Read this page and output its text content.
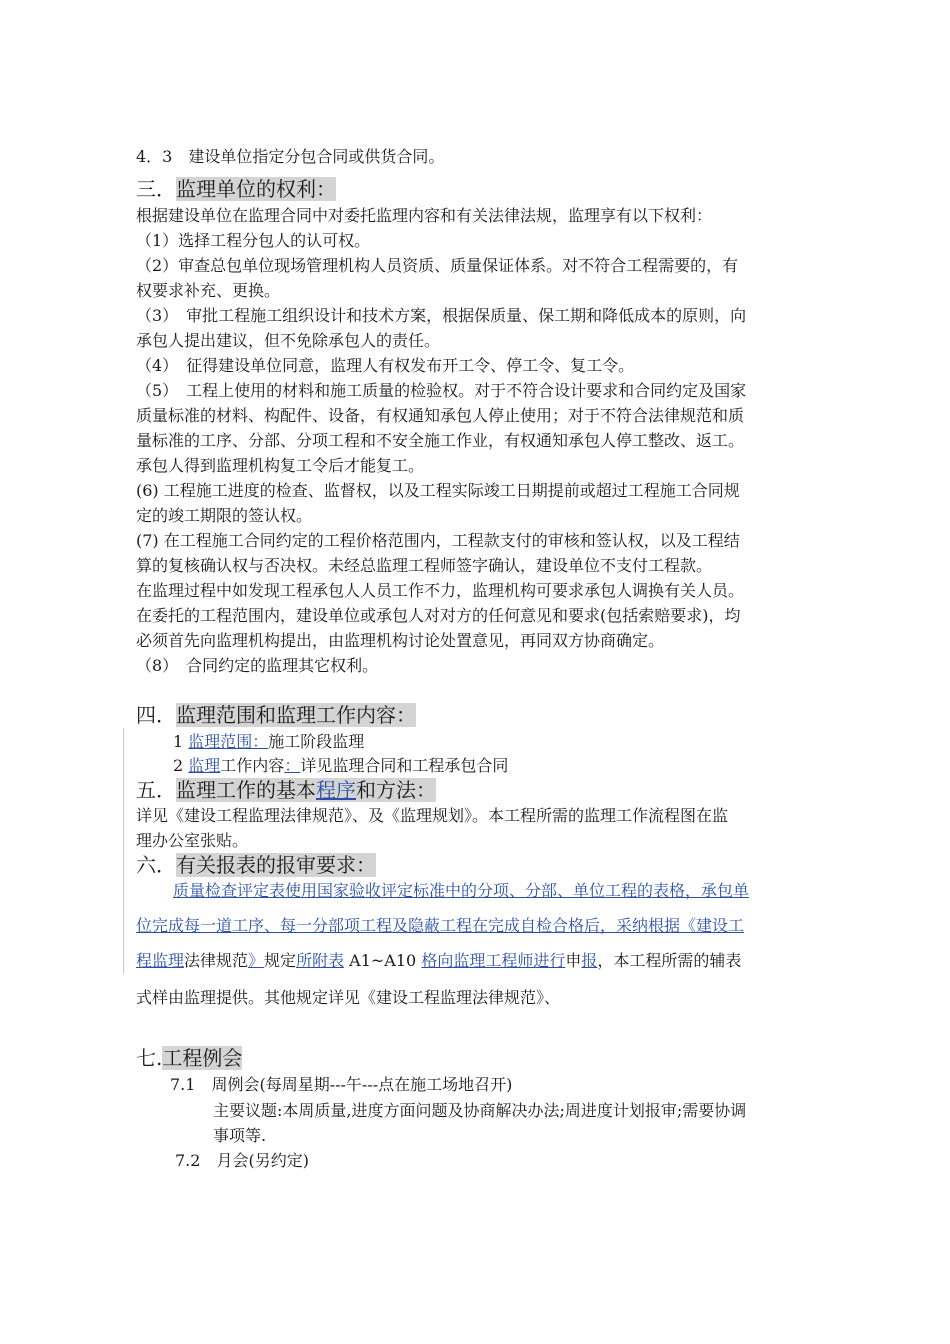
4．3　建设单位指定分包合同或供货合同。
三．监理单位的权利：
根据建设单位在监理合同中对委托监理内容和有关法律法规，监理享有以下权利：
（1）选择工程分包人的认可权。
（2）审查总包单位现场管理机构人员资质、质量保证体系。对不符合工程需要的，有
权要求补充、更换。
（3）　审批工程施工组织设计和技术方案，根据保质量、保工期和降低成本的原则，向
承包人提出建议，但不免除承包人的责任。
（4）　征得建设单位同意，监理人有权发布开工令、停工令、复工令。
（5）　工程上使用的材料和施工质量的检验权。对于不符合设计要求和合同约定及国家
质量标准的材料、构配件、设备，有权通知承包人停止使用；对于不符合法律规范和质
量标准的工序、分部、分项工程和不安全施工作业，有权通知承包人停工整改、返工。
承包人得到监理机构复工令后才能复工。
(6) 工程施工进度的检查、监督权，以及工程实际竣工日期提前或超过工程施工合同规
定的竣工期限的签认权。
(7) 在工程施工合同约定的工程价格范围内，工程款支付的审核和签认权，以及工程结
算的复核确认权与否决权。未经总监理工程师签字确认，建设单位不支付工程款。
在监理过程中如发现工程承包人人员工作不力，监理机构可要求承包人调换有关人员。
在委托的工程范围内，建设单位或承包人对对方的任何意见和要求(包括索赔要求)，均
必须首先向监理机构提出，由监理机构讨论处置意见，再同双方协商确定。
（8）　合同约定的监理其它权利。
四．监理范围和监理工作内容：
1 监理范围：施工阶段监理
2 监理工作内容：详见监理合同和工程承包合同
五．监理工作的基本程序和方法：
详见《建设工程监理法律规范》、及《监理规划》。本工程所需的监理工作流程图在监
理办公室张贴。
六．有关报表的报审要求：
质量检查评定表使用国家验收评定标准中的分项、分部、单位工程的表格，承包单
位完成每一道工序、每一分部项工程及隐蔽工程在完成自检合格后，采纳根据《建设工
程监理法律规范》规定所附表 A1~A10 格向监理工程师进行申报，本工程所需的辅表
式样由监理提供。其他规定详见《建设工程监理法律规范》、
七.工程例会
7.1　周例会(每周星期---午---点在施工场地召开)
主要议题:本周质量,进度方面问题及协商解决办法;周进度计划报审;需要协调
事项等.
7.2　月会(另约定)
